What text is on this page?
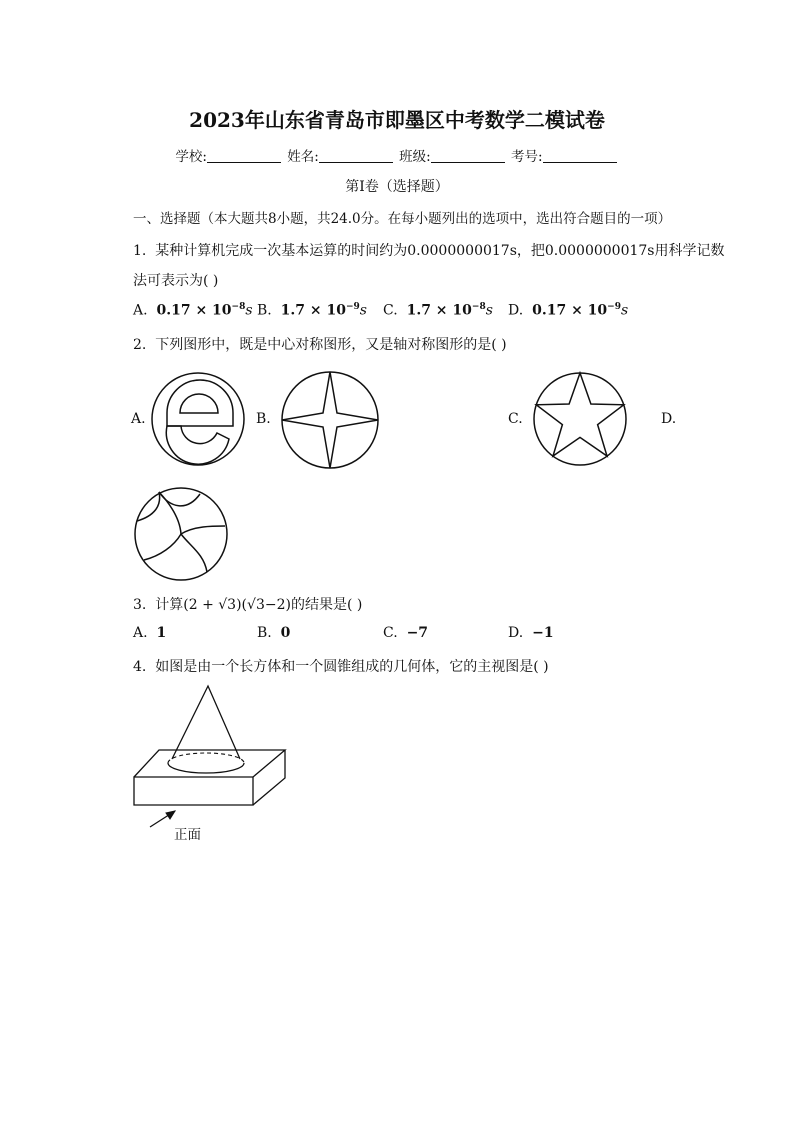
2023年山东省青岛市即墨区中考数学二模试卷
学校:	姓名:	班级:	考号:
第Ⅰ卷（选择题）
一、选择题（本大题共8小题，共24.0分。在每小题列出的选项中，选出符合题目的一项）
1. 某种计算机完成一次基本运算的时间约为0.0000000017s，把0.0000000017s用科学记数
法可表示为( )
A. $0.17 \times 10^{-8}s$ B. $1.7 \times 10^{-9}s$ C. $1.7 \times 10^{-8}s$ D. $0.17 \times 10^{-9}s$
2. 下列图形中，既是中心对称图形，又是轴对称图形的是( )
A.	B.	C.	D.
3. 计算(2 + √3)(√3−2)的结果是( )
A. 1	B. 0	C. −7	D. −1
4. 如图是由一个长方体和一个圆锥组成的几何体，它的主视图是( )
正面
